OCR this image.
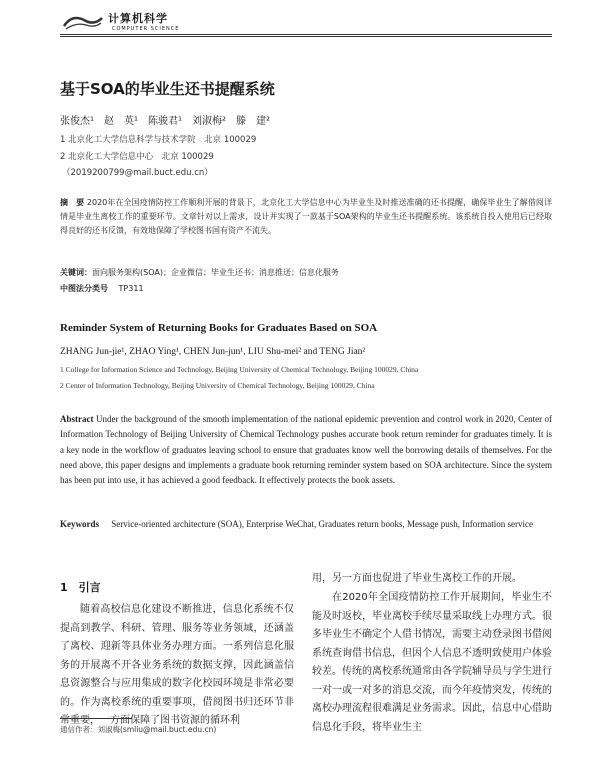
计算机科学
COMPUTER SCIENCE
基于SOA的毕业生还书提醒系统
张俊杰¹　赵　英¹　陈骏君¹　刘淑梅²　滕　建²
1 北京化工大学信息科学与技术学院　北京 100029
2 北京化工大学信息中心　北京 100029
（2019200799@mail.buct.edu.cn）
摘　要 2020年在全国疫情防控工作顺利开展的背景下，北京化工大学信息中心为毕业生及时推送准确的还书提醒，确保毕业生了解借阅详情是毕业生离校工作的重要环节。文章针对以上需求，设计并实现了一款基于SOA架构的毕业生还书提醒系统。该系统自投入使用后已经取得良好的还书反馈，有效地保障了学校图书国有资产不流失。
关键词：面向服务架构(SOA)；企业微信；毕业生还书；消息推送；信息化服务
中图法分类号 TP311
Reminder System of Returning Books for Graduates Based on SOA
ZHANG Jun-jie¹, ZHAO Ying¹, CHEN Jun-jun¹, LIU Shu-mei² and TENG Jian²
1 College for Information Science and Technology, Beijing University of Chemical Technology, Beijing 100029, China
2 Center of Information Technology, Beijing University of Chemical Technology, Beijing 100029, China
Abstract Under the background of the smooth implementation of the national epidemic prevention and control work in 2020, Center of Information Technology of Beijing University of Chemical Technology pushes accurate book return reminder for graduates timely. It is a key node in the workflow of graduates leaving school to ensure that graduates know well the borrowing details of themselves. For the need above, this paper designs and implements a graduate book returning reminder system based on SOA architecture. Since the system has been put into use, it has achieved a good feedback. It effectively protects the book assets.
Keywords Service-oriented architecture (SOA), Enterprise WeChat, Graduates return books, Message push, Information service
1　引言
随着高校信息化建设不断推进，信息化系统不仅提高到教学、科研、管理、服务等业务领域，还涵盖了离校、迎新等具体业务办理方面。一系列信息化服务的开展离不开各业务系统的数据支撑，因此涵盖信息资源整合与应用集成的数字化校园环境是非常必要的。作为离校系统的重要事项，借阅图书归还环节非常重要，一方面保障了图书资源的循环利
用，另一方面也促进了毕业生离校工作的开展。
在2020年全国疫情防控工作开展期间，毕业生不能及时返校，毕业离校手续尽量采取线上办理方式。很多毕业生不确定个人借书情况，需要主动登录图书借阅系统查询借书信息，但因个人信息不透明致使用户体验较差。传统的离校系统通常由各学院辅导员与学生进行一对一或一对多的消息交流，而今年疫情突发，传统的离校办理流程很难满足业务需求。因此，信息中心借助信息化手段，将毕业生主
通信作者：刘淑梅(smliu@mail.buct.edu.cn)
